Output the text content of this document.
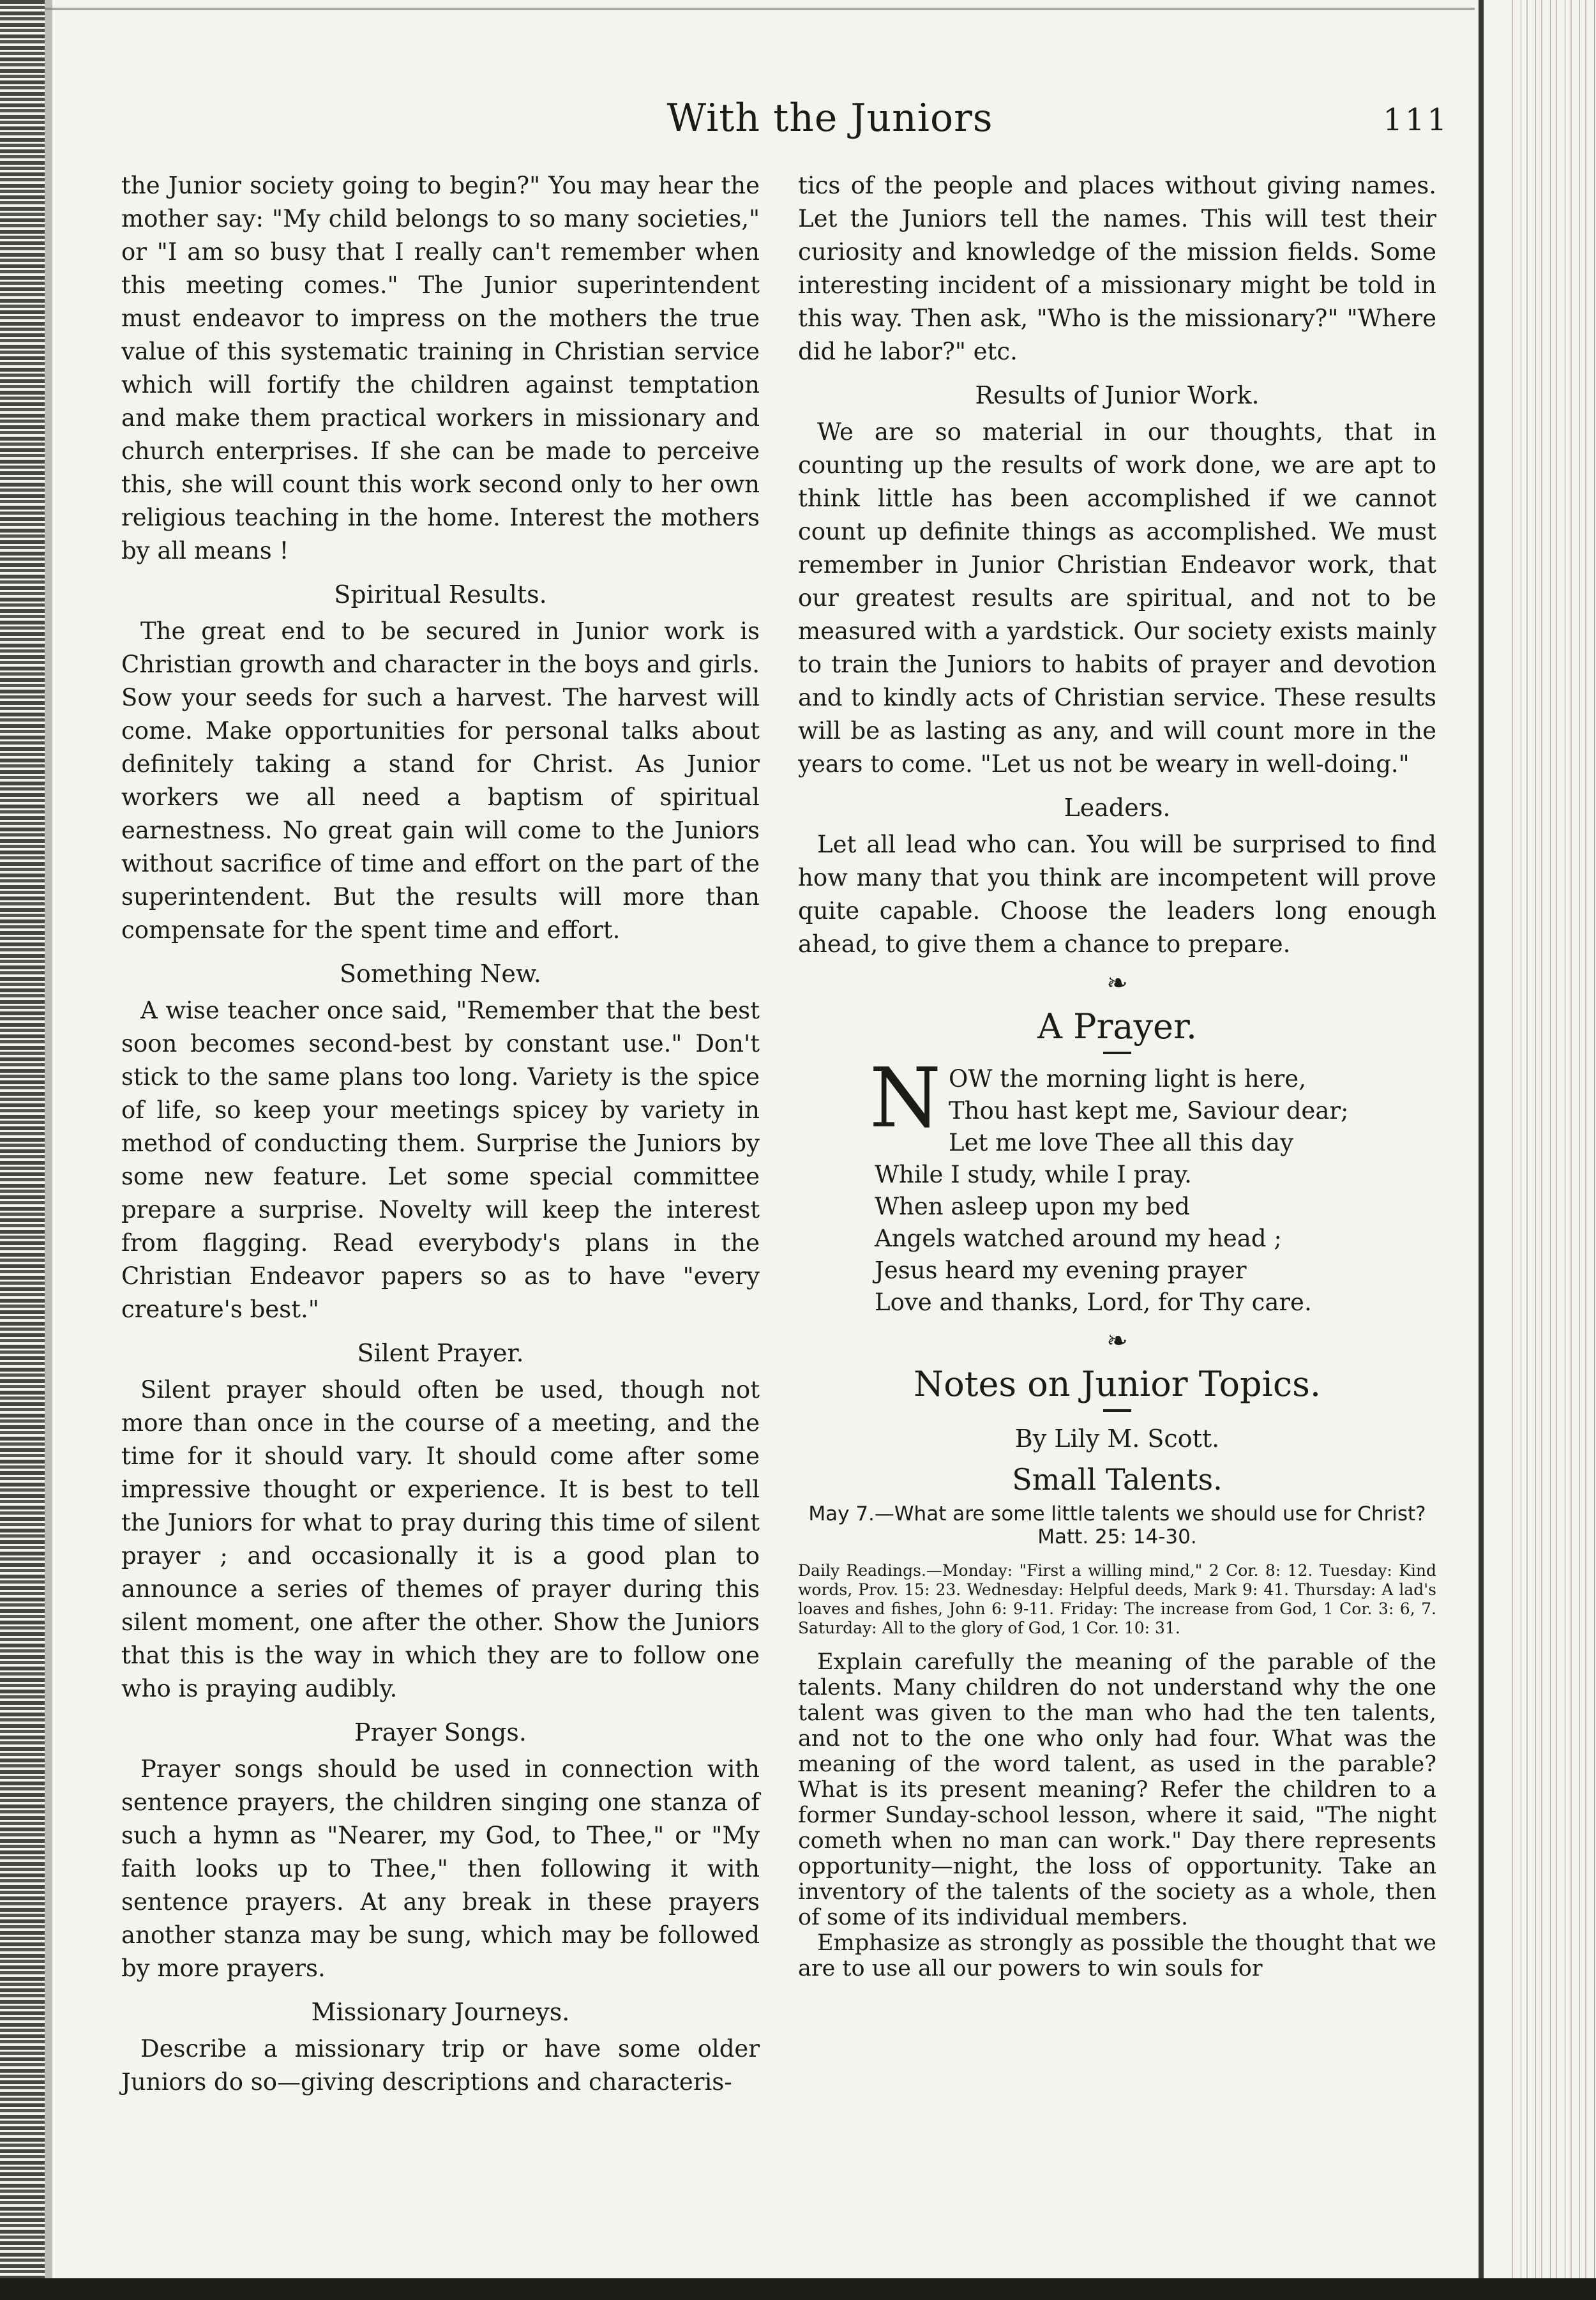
With the Juniors	111

the Junior society going to begin?" You may hear the mother say: "My child belongs to so many societies," or "I am so busy that I really can't remember when this meeting comes." The Junior superintendent must endeavor to impress on the mothers the true value of this systematic training in Christian service which will fortify the children against temptation and make them practical workers in missionary and church enterprises. If she can be made to perceive this, she will count this work second only to her own religious teaching in the home. Interest the mothers by all means !

Spiritual Results.

The great end to be secured in Junior work is Christian growth and character in the boys and girls. Sow your seeds for such a harvest. The harvest will come. Make opportunities for personal talks about definitely taking a stand for Christ. As Junior workers we all need a baptism of spiritual earnestness. No great gain will come to the Juniors without sacrifice of time and effort on the part of the superintendent. But the results will more than compensate for the spent time and effort.

Something New.

A wise teacher once said, "Remember that the best soon becomes second-best by constant use." Don't stick to the same plans too long. Variety is the spice of life, so keep your meetings spicey by variety in method of conducting them. Surprise the Juniors by some new feature. Let some special committee prepare a surprise. Novelty will keep the interest from flagging. Read everybody's plans in the Christian Endeavor papers so as to have "every creature's best."

Silent Prayer.

Silent prayer should often be used, though not more than once in the course of a meeting, and the time for it should vary. It should come after some impressive thought or experience. It is best to tell the Juniors for what to pray during this time of silent prayer ; and occasionally it is a good plan to announce a series of themes of prayer during this silent moment, one after the other. Show the Juniors that this is the way in which they are to follow one who is praying audibly.

Prayer Songs.

Prayer songs should be used in connection with sentence prayers, the children singing one stanza of such a hymn as "Nearer, my God, to Thee," or "My faith looks up to Thee," then following it with sentence prayers. At any break in these prayers another stanza may be sung, which may be followed by more prayers.

Missionary Journeys.

Describe a missionary trip or have some older Juniors do so—giving descriptions and characteris-

tics of the people and places without giving names. Let the Juniors tell the names. This will test their curiosity and knowledge of the mission fields. Some interesting incident of a missionary might be told in this way. Then ask, "Who is the missionary?" "Where did he labor?" etc.

Results of Junior Work.

We are so material in our thoughts, that in counting up the results of work done, we are apt to think little has been accomplished if we cannot count up definite things as accomplished. We must remember in Junior Christian Endeavor work, that our greatest results are spiritual, and not to be measured with a yardstick. Our society exists mainly to train the Juniors to habits of prayer and devotion and to kindly acts of Christian service. These results will be as lasting as any, and will count more in the years to come. "Let us not be weary in well-doing."

Leaders.

Let all lead who can. You will be surprised to find how many that you think are incompetent will prove quite capable. Choose the leaders long enough ahead, to give them a chance to prepare.

❧
A Prayer.
N OW the morning light is here,
Thou hast kept me, Saviour dear;
Let me love Thee all this day
While I study, while I pray.
When asleep upon my bed
Angels watched around my head ;
Jesus heard my evening prayer
Love and thanks, Lord, for Thy care.
❧
Notes on Junior Topics.
By Lily M. Scott.
Small Talents.
May 7.—What are some little talents we should use for Christ? Matt. 25: 14-30.
Daily Readings.—Monday: "First a willing mind," 2 Cor. 8: 12. Tuesday: Kind words, Prov. 15: 23. Wednesday: Helpful deeds, Mark 9: 41. Thursday: A lad's loaves and fishes, John 6: 9-11. Friday: The increase from God, 1 Cor. 3: 6, 7. Saturday: All to the glory of God, 1 Cor. 10: 31.

Explain carefully the meaning of the parable of the talents. Many children do not understand why the one talent was given to the man who had the ten talents, and not to the one who only had four. What was the meaning of the word talent, as used in the parable? What is its present meaning? Refer the children to a former Sunday-school lesson, where it said, "The night cometh when no man can work." Day there represents opportunity—night, the loss of opportunity. Take an inventory of the talents of the society as a whole, then of some of its individual members.

Emphasize as strongly as possible the thought that we are to use all our powers to win souls for
